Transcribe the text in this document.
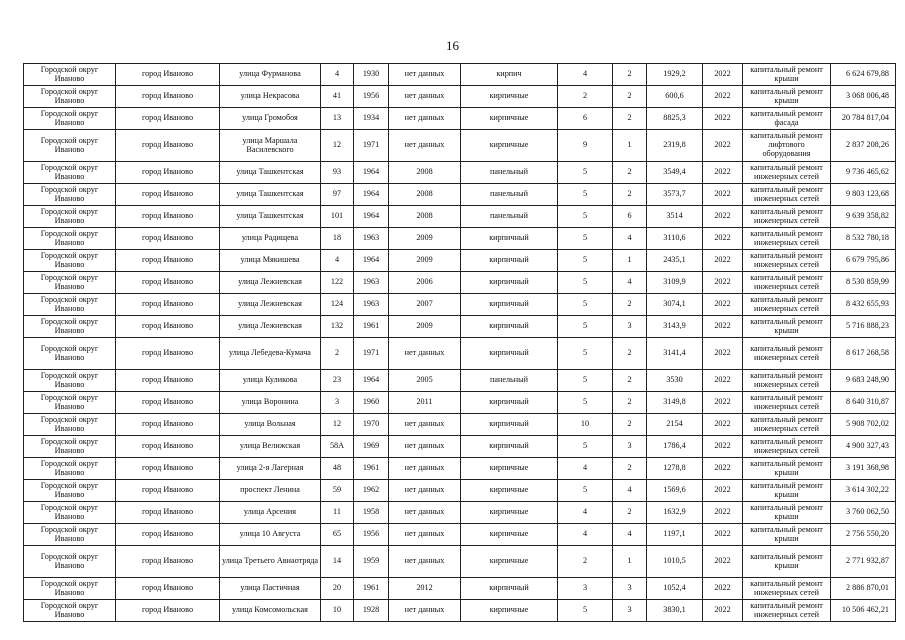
16
Городской округ Иваново	город Иваново	улица Фурманова	4	1930	нет данных	кирпич	4	2	1929,2	2022	капитальный ремонт крыши	6 624 679,88
Городской округ Иваново	город Иваново	улица Некрасова	41	1956	нет данных	кирпичные	2	2	600,6	2022	капитальный ремонт крыши	3 068 006,48
Городской округ Иваново	город Иваново	улица Громобоя	13	1934	нет данных	кирпичные	6	2	8825,3	2022	капитальный ремонт фасада	20 784 817,04
Городской округ Иваново	город Иваново	улица Маршала Василевского	12	1971	нет данных	кирпичные	9	1	2319,8	2022	капитальный ремонт лифтового оборудования	2 837 208,26
Городской округ Иваново	город Иваново	улица Ташкентская	93	1964	2008	панельный	5	2	3549,4	2022	капитальный ремонт инженерных сетей	9 736 465,62
Городской округ Иваново	город Иваново	улица Ташкентская	97	1964	2008	панельный	5	2	3573,7	2022	капитальный ремонт инженерных сетей	9 803 123,68
Городской округ Иваново	город Иваново	улица Ташкентская	101	1964	2008	панельный	5	6	3514	2022	капитальный ремонт инженерных сетей	9 639 358,82
Городской округ Иваново	город Иваново	улица Радищева	18	1963	2009	кирпичный	5	4	3110,6	2022	капитальный ремонт инженерных сетей	8 532 780,18
Городской округ Иваново	город Иваново	улица Мякишева	4	1964	2009	кирпичный	5	1	2435,1	2022	капитальный ремонт инженерных сетей	6 679 795,86
Городской округ Иваново	город Иваново	улица Лежневская	122	1963	2006	кирпичный	5	4	3109,9	2022	капитальный ремонт инженерных сетей	8 530 859,99
Городской округ Иваново	город Иваново	улица Лежневская	124	1963	2007	кирпичный	5	2	3074,1	2022	капитальный ремонт инженерных сетей	8 432 655,93
Городской округ Иваново	город Иваново	улица Лежневская	132	1961	2009	кирпичный	5	3	3143,9	2022	капитальный ремонт крыши	5 716 888,23
Городской округ Иваново	город Иваново	улица Лебедева-Кумача	2	1971	нет данных	кирпичный	5	2	3141,4	2022	капитальный ремонт инженерных сетей	8 617 268,58
Городской округ Иваново	город Иваново	улица Куликова	23	1964	2005	панельный	5	2	3530	2022	капитальный ремонт инженерных сетей	9 683 248,90
Городской округ Иваново	город Иваново	улица Воронина	3	1960	2011	кирпичный	5	2	3149,8	2022	капитальный ремонт инженерных сетей	8 640 310,87
Городской округ Иваново	город Иваново	улица Вольная	12	1970	нет данных	кирпичный	10	2	2154	2022	капитальный ремонт инженерных сетей	5 908 702,02
Городской округ Иваново	город Иваново	улица Велижская	58А	1969	нет данных	кирпичный	5	3	1786,4	2022	капитальный ремонт инженерных сетей	4 900 327,43
Городской округ Иваново	город Иваново	улица 2-я Лагерная	48	1961	нет данных	кирпичные	4	2	1278,8	2022	капитальный ремонт крыши	3 191 368,98
Городской округ Иваново	город Иваново	проспект Ленина	59	1962	нет данных	кирпичные	5	4	1569,6	2022	капитальный ремонт крыши	3 614 302,22
Городской округ Иваново	город Иваново	улица Арсения	11	1958	нет данных	кирпичные	4	2	1632,9	2022	капитальный ремонт крыши	3 760 062,50
Городской округ Иваново	город Иваново	улица 10 Августа	65	1956	нет данных	кирпичные	4	4	1197,1	2022	капитальный ремонт крыши	2 756 550,20
Городской округ Иваново	город Иваново	улица Третьего Авиаотряда	14	1959	нет данных	кирпичные	2	1	1010,5	2022	капитальный ремонт крыши	2 771 932,87
Городской округ Иваново	город Иваново	улица Пастичная	20	1961	2012	кирпичный	3	3	1052,4	2022	капитальный ремонт инженерных сетей	2 886 870,01
Городской округ Иваново	город Иваново	улица Комсомольская	10	1928	нет данных	кирпичные	5	3	3830,1	2022	капитальный ремонт инженерных сетей	10 506 462,21
